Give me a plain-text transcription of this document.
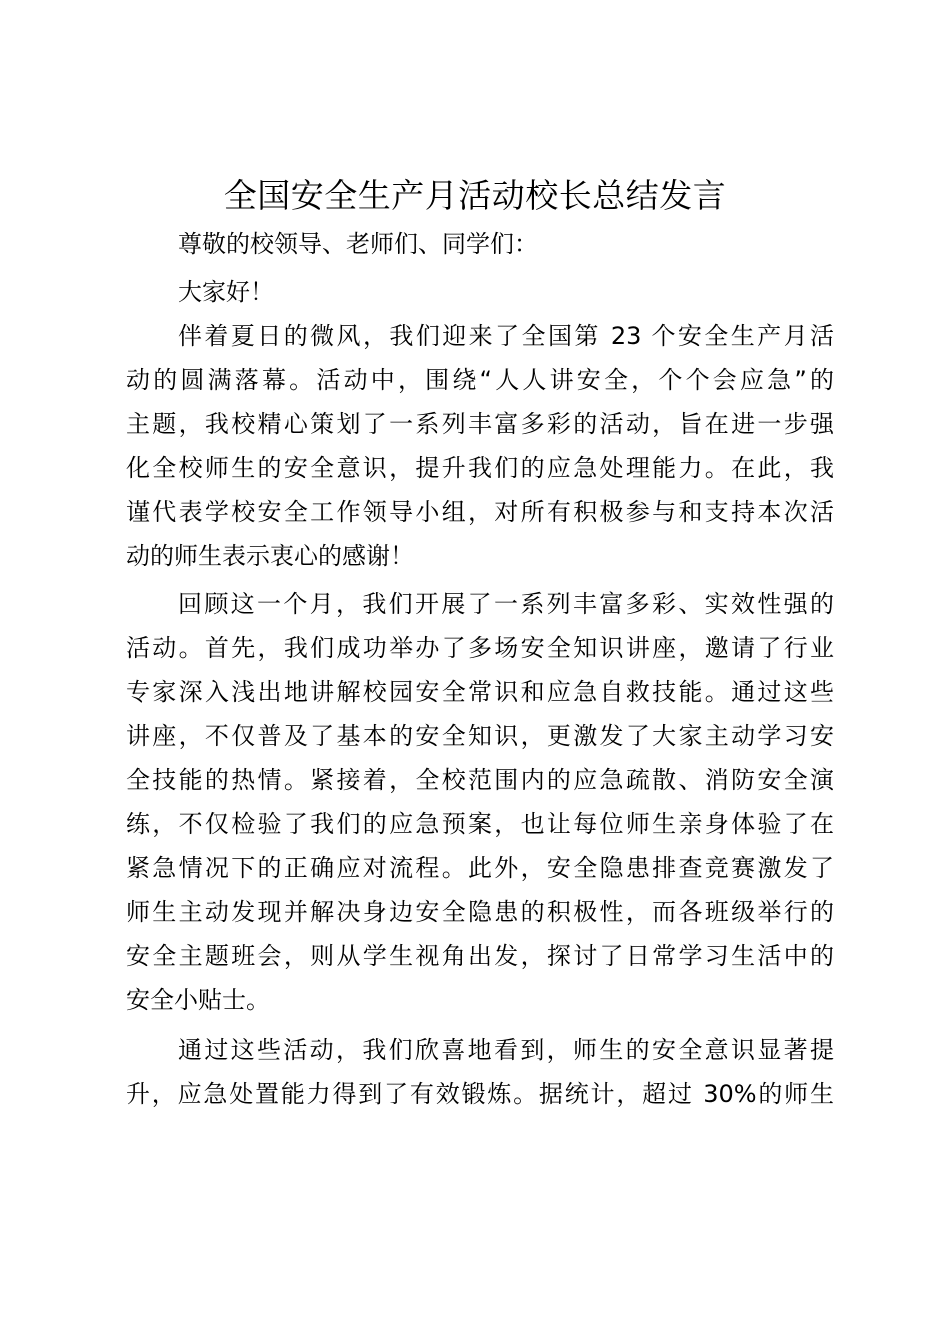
全国安全生产月活动校长总结发言

尊敬的校领导、老师们、同学们：

大家好！

伴着夏日的微风，我们迎来了全国第 23 个安全生产月活

动的圆满落幕。活动中，围绕“人人讲安全，个个会应急”的

主题，我校精心策划了一系列丰富多彩的活动，旨在进一步强

化全校师生的安全意识，提升我们的应急处理能力。在此，我

谨代表学校安全工作领导小组，对所有积极参与和支持本次活

动的师生表示衷心的感谢！

回顾这一个月，我们开展了一系列丰富多彩、实效性强的

活动。首先，我们成功举办了多场安全知识讲座，邀请了行业

专家深入浅出地讲解校园安全常识和应急自救技能。通过这些

讲座，不仅普及了基本的安全知识，更激发了大家主动学习安

全技能的热情。紧接着，全校范围内的应急疏散、消防安全演

练，不仅检验了我们的应急预案，也让每位师生亲身体验了在

紧急情况下的正确应对流程。此外，安全隐患排查竞赛激发了

师生主动发现并解决身边安全隐患的积极性，而各班级举行的

安全主题班会，则从学生视角出发，探讨了日常学习生活中的

安全小贴士。

通过这些活动，我们欣喜地看到，师生的安全意识显著提

升，应急处置能力得到了有效锻炼。据统计，超过 30%的师生
